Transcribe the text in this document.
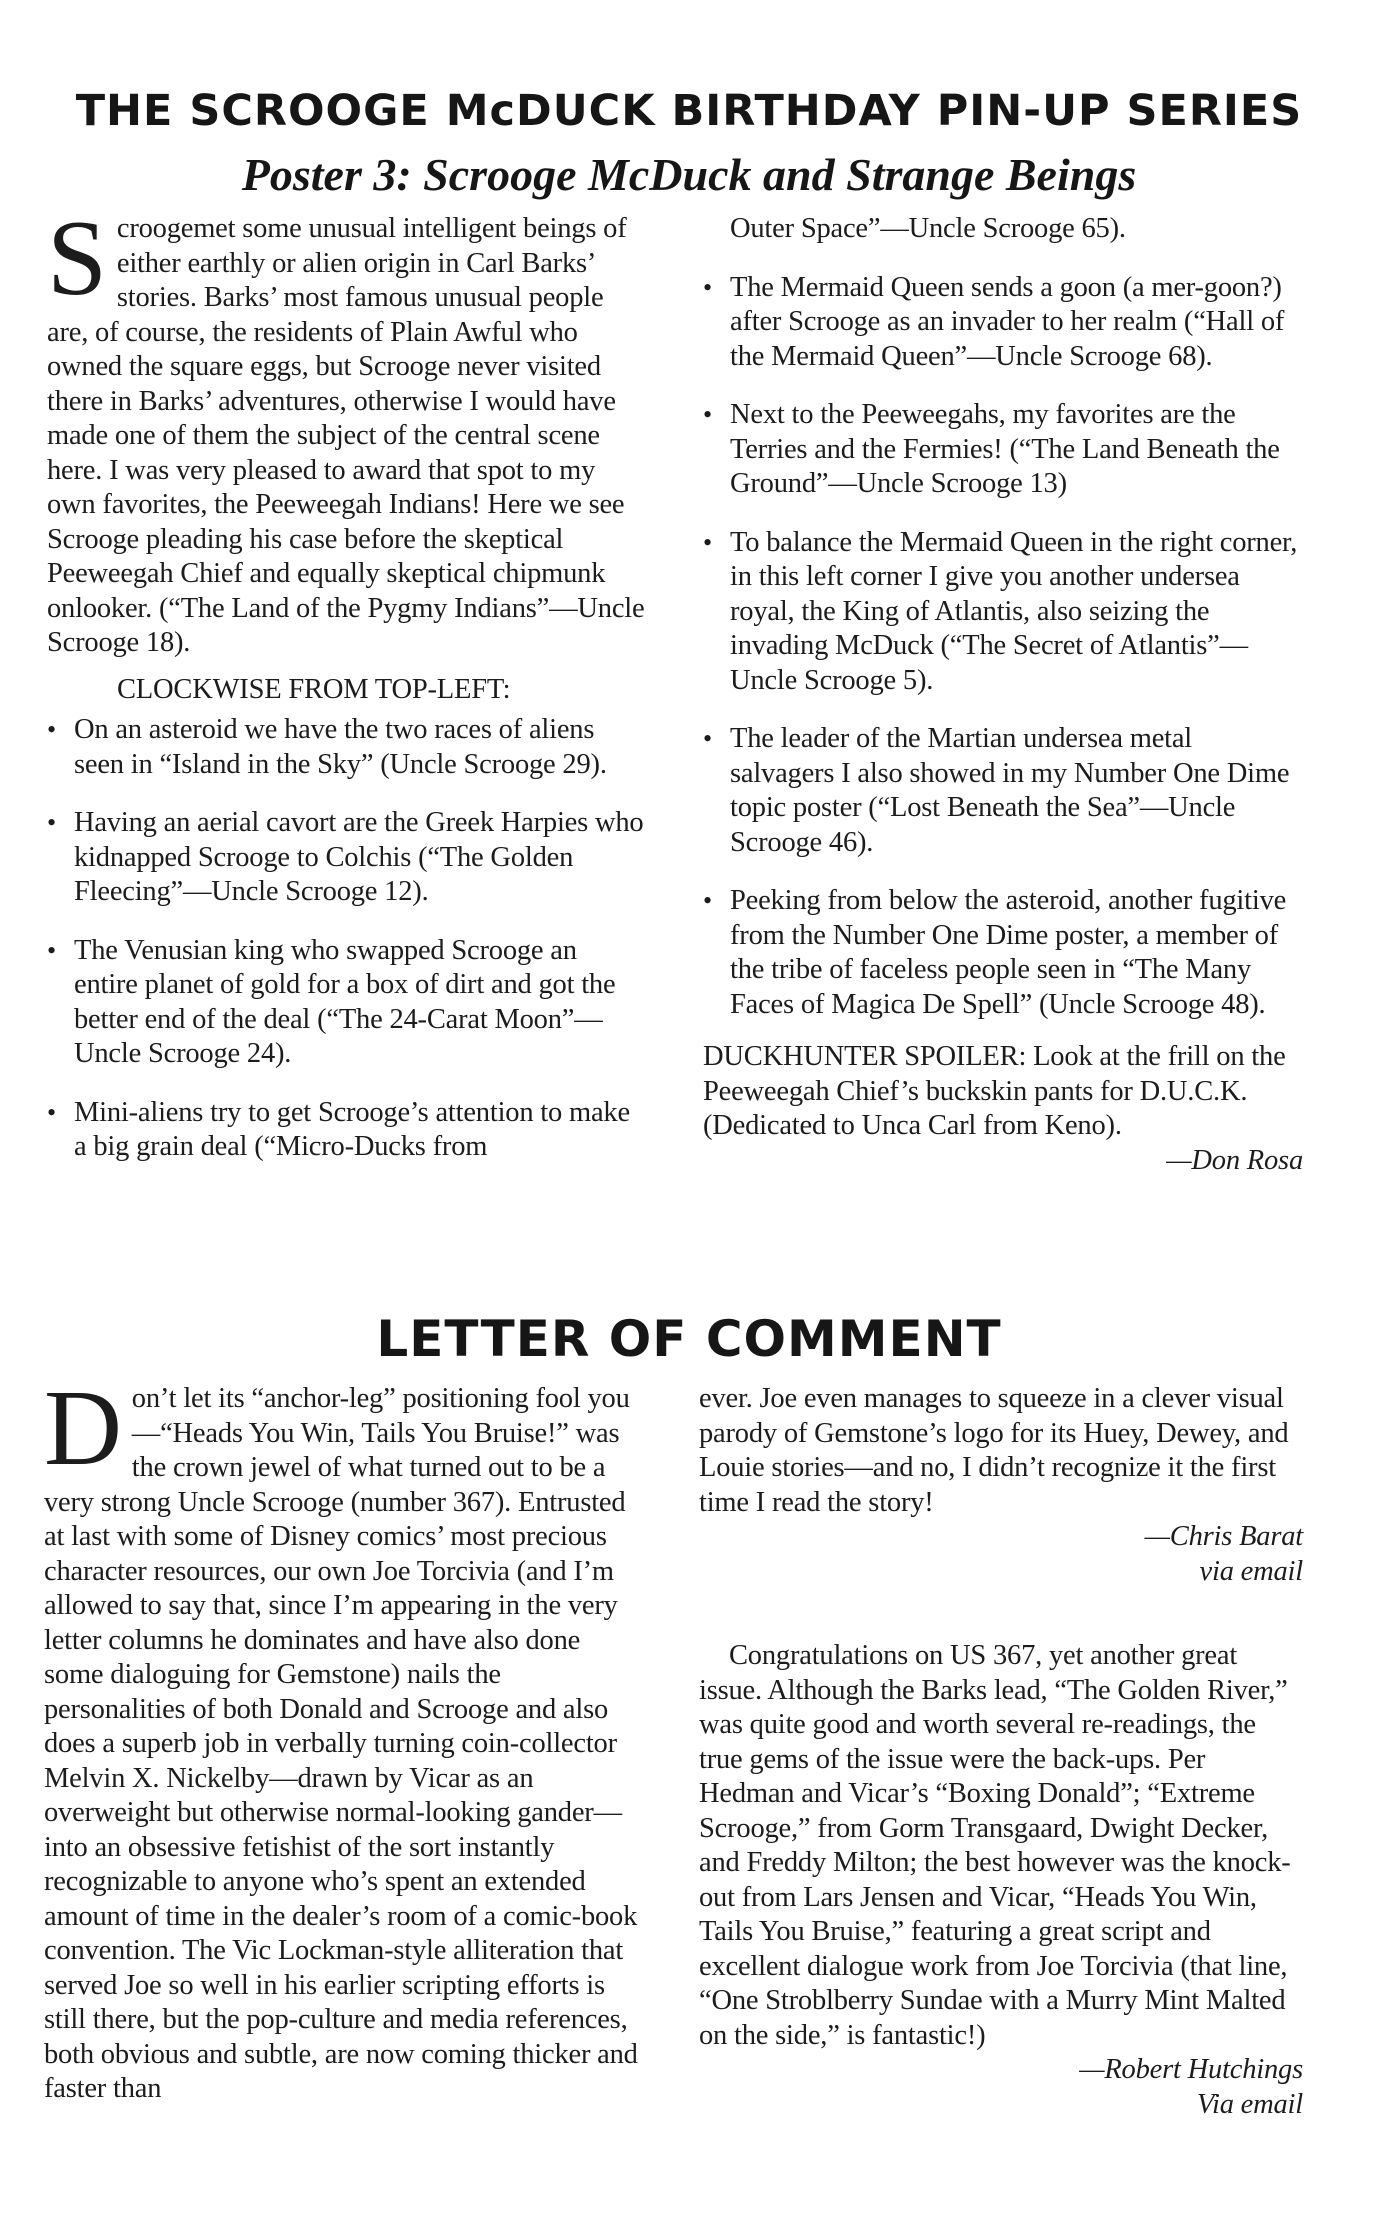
THE SCROOGE McDUCK BIRTHDAY PIN-UP SERIES
Poster 3: Scrooge McDuck and Strange Beings

Scroogemet some unusual intelligent beings of either earthly or alien origin in Carl Barks’ stories. Barks’ most famous unusual people are, of course, the residents of Plain Awful who owned the square eggs, but Scrooge never visited there in Barks’ adventures, otherwise I would have made one of them the subject of the central scene here. I was very pleased to award that spot to my own favorites, the Peeweegah Indians! Here we see Scrooge pleading his case before the skeptical Peeweegah Chief and equally skeptical chipmunk onlooker. (“The Land of the Pygmy Indians”—Uncle Scrooge 18).

CLOCKWISE FROM TOP-LEFT:

• On an asteroid we have the two races of aliens seen in “Island in the Sky” (Uncle Scrooge 29).
• Having an aerial cavort are the Greek Harpies who kidnapped Scrooge to Colchis (“The Golden Fleecing”—Uncle Scrooge 12).
• The Venusian king who swapped Scrooge an entire planet of gold for a box of dirt and got the better end of the deal (“The 24-Carat Moon”—Uncle Scrooge 24).
• Mini-aliens try to get Scrooge’s attention to make a big grain deal (“Micro-Ducks from

Outer Space”—Uncle Scrooge 65).

• The Mermaid Queen sends a goon (a mer-goon?) after Scrooge as an invader to her realm (“Hall of the Mermaid Queen”—Uncle Scrooge 68).
• Next to the Peeweegahs, my favorites are the Terries and the Fermies! (“The Land Beneath the Ground”—Uncle Scrooge 13)
• To balance the Mermaid Queen in the right corner, in this left corner I give you another undersea royal, the King of Atlantis, also seizing the invading McDuck (“The Secret of Atlantis”—Uncle Scrooge 5).
• The leader of the Martian undersea metal salvagers I also showed in my Number One Dime topic poster (“Lost Beneath the Sea”—Uncle Scrooge 46).
• Peeking from below the asteroid, another fugitive from the Number One Dime poster, a member of the tribe of faceless people seen in “The Many Faces of Magica De Spell” (Uncle Scrooge 48).

DUCKHUNTER SPOILER: Look at the frill on the Peeweegah Chief’s buckskin pants for D.U.C.K. (Dedicated to Unca Carl from Keno).

—Don Rosa

LETTER OF COMMENT

Don’t let its “anchor-leg” positioning fool you—“Heads You Win, Tails You Bruise!” was the crown jewel of what turned out to be a very strong Uncle Scrooge (number 367). Entrusted at last with some of Disney comics’ most precious character resources, our own Joe Torcivia (and I’m allowed to say that, since I’m appearing in the very letter columns he dominates and have also done some dialoguing for Gemstone) nails the personalities of both Donald and Scrooge and also does a superb job in verbally turning coin-collector Melvin X. Nickelby—drawn by Vicar as an overweight but otherwise normal-looking gander—into an obsessive fetishist of the sort instantly recognizable to anyone who’s spent an extended amount of time in the dealer’s room of a comic-book convention. The Vic Lockman-style alliteration that served Joe so well in his earlier scripting efforts is still there, but the pop-culture and media references, both obvious and subtle, are now coming thicker and faster than

ever. Joe even manages to squeeze in a clever visual parody of Gemstone’s logo for its Huey, Dewey, and Louie stories—and no, I didn’t recognize it the first time I read the story!

—Chris Barat

via email

Congratulations on US 367, yet another great issue. Although the Barks lead, “The Golden River,” was quite good and worth several re-readings, the true gems of the issue were the back-ups. Per Hedman and Vicar’s “Boxing Donald”; “Extreme Scrooge,” from Gorm Transgaard, Dwight Decker, and Freddy Milton; the best however was the knock-out from Lars Jensen and Vicar, “Heads You Win, Tails You Bruise,” featuring a great script and excellent dialogue work from Joe Torcivia (that line, “One Stroblberry Sundae with a Murry Mint Malted on the side,” is fantastic!)

—Robert Hutchings

Via email
